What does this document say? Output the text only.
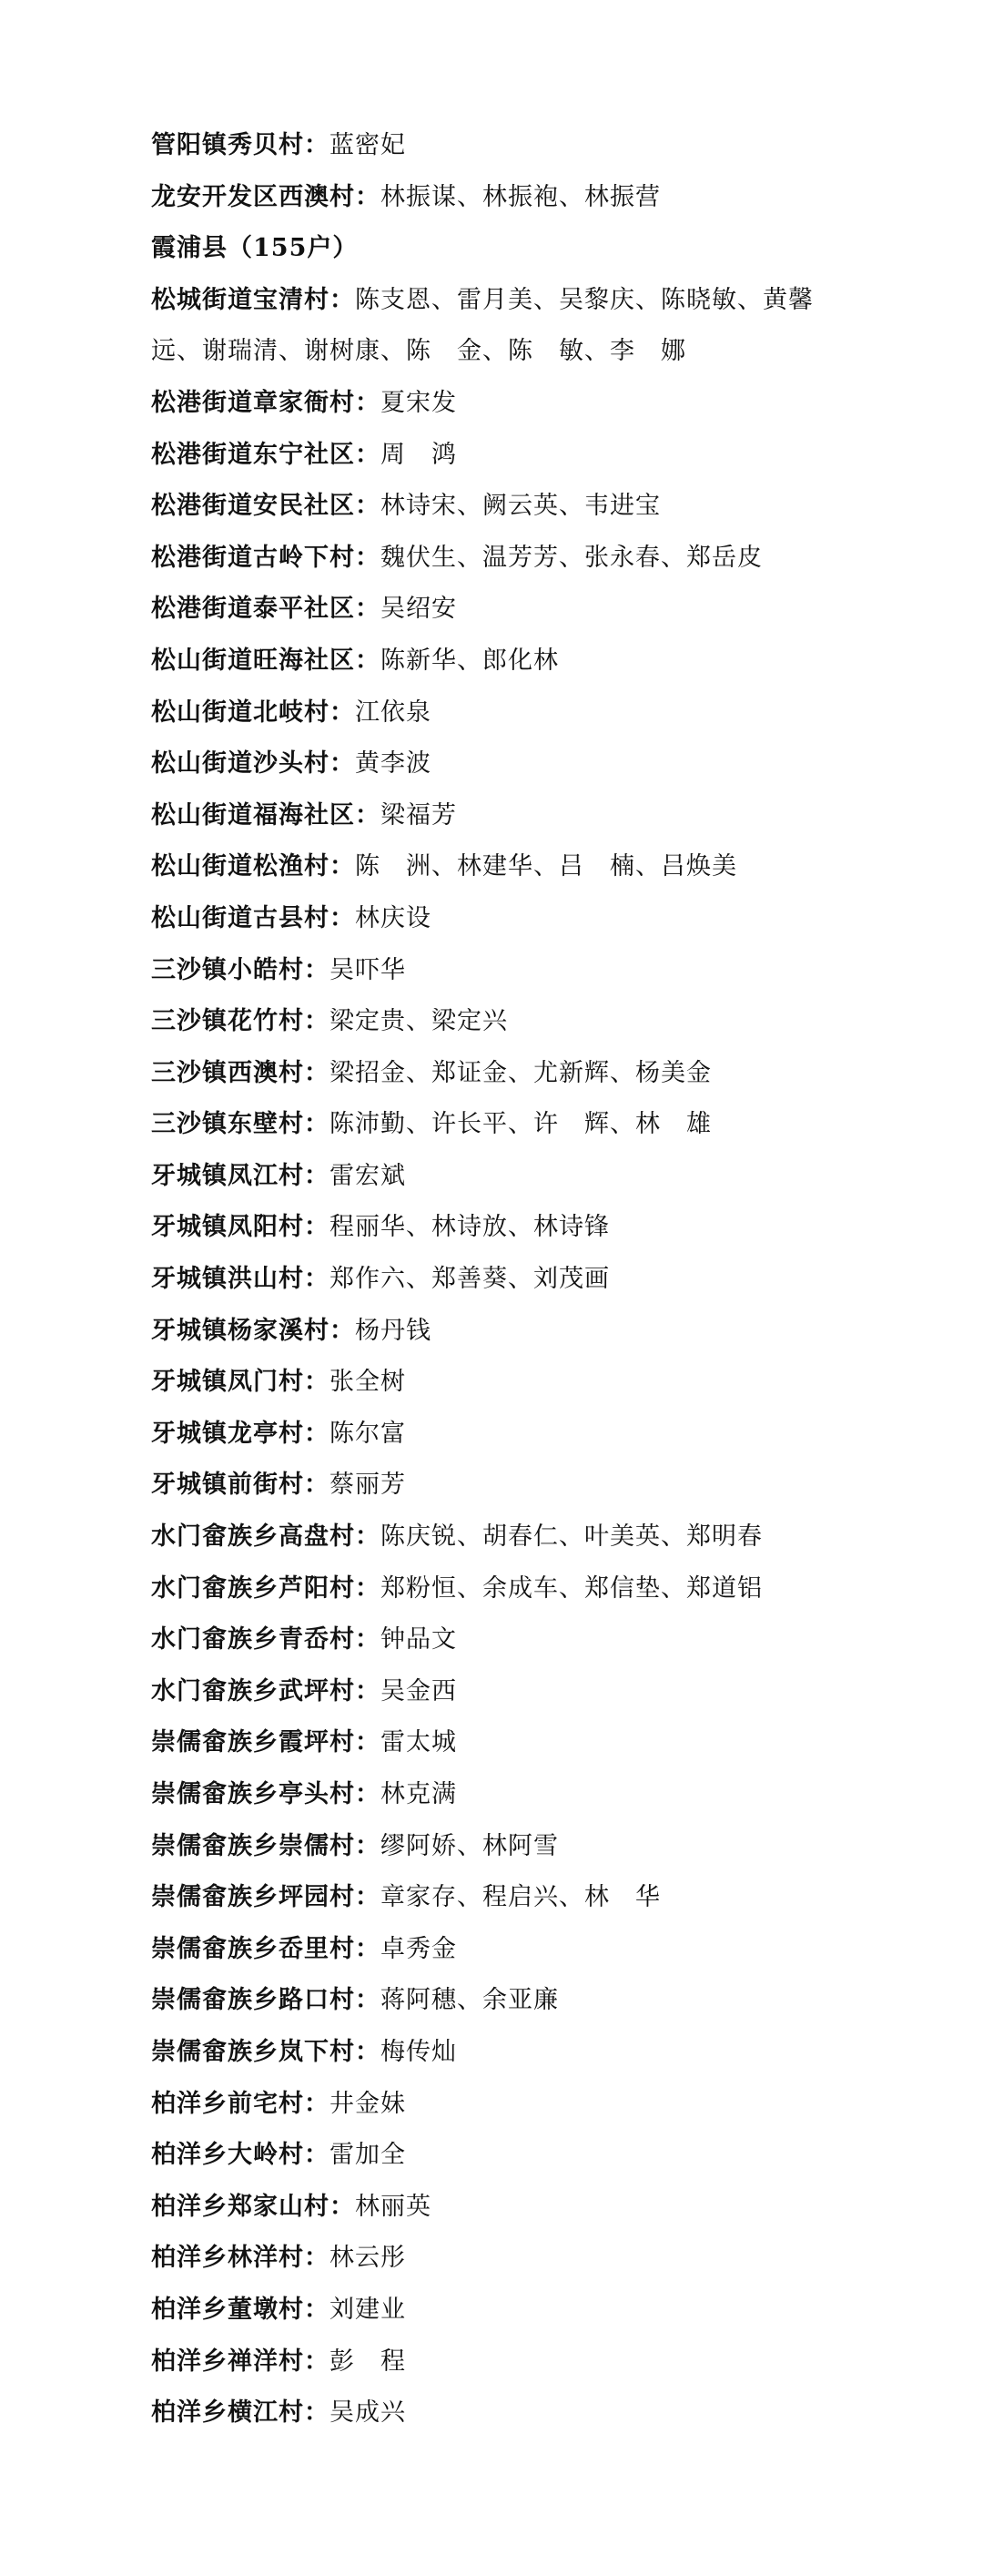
管阳镇秀贝村：蓝密妃
龙安开发区西澳村：林振谋、林振袍、林振营
霞浦县（155户）
松城街道宝清村：陈支恩、雷月美、吴黎庆、陈晓敏、黄馨
远、谢瑞清、谢树康、陈　金、陈　敏、李　娜
松港街道章家衙村：夏宋发
松港街道东宁社区：周　鸿
松港街道安民社区：林诗宋、阙云英、韦进宝
松港街道古岭下村：魏伏生、温芳芳、张永春、郑岳皮
松港街道泰平社区：吴绍安
松山街道旺海社区：陈新华、郎化林
松山街道北岐村：江依泉
松山街道沙头村：黄李波
松山街道福海社区：梁福芳
松山街道松渔村：陈　洲、林建华、吕　楠、吕焕美
松山街道古县村：林庆设
三沙镇小皓村：吴吓华
三沙镇花竹村：梁定贵、梁定兴
三沙镇西澳村：梁招金、郑证金、尤新辉、杨美金
三沙镇东壁村：陈沛勤、许长平、许　辉、林　雄
牙城镇凤江村：雷宏斌
牙城镇凤阳村：程丽华、林诗放、林诗锋
牙城镇洪山村：郑作六、郑善葵、刘茂画
牙城镇杨家溪村：杨丹钱
牙城镇凤门村：张全树
牙城镇龙亭村：陈尔富
牙城镇前街村：蔡丽芳
水门畲族乡高盘村：陈庆锐、胡春仁、叶美英、郑明春
水门畲族乡芦阳村：郑粉恒、余成车、郑信垫、郑道铝
水门畲族乡青岙村：钟品文
水门畲族乡武坪村：吴金西
崇儒畲族乡霞坪村：雷太城
崇儒畲族乡亭头村：林克满
崇儒畲族乡崇儒村：缪阿娇、林阿雪
崇儒畲族乡坪园村：章家存、程启兴、林　华
崇儒畲族乡岙里村：卓秀金
崇儒畲族乡路口村：蒋阿穗、余亚廉
崇儒畲族乡岚下村：梅传灿
柏洋乡前宅村：井金妹
柏洋乡大岭村：雷加全
柏洋乡郑家山村：林丽英
柏洋乡林洋村：林云彤
柏洋乡董墩村：刘建业
柏洋乡禅洋村：彭　程
柏洋乡横江村：吴成兴
